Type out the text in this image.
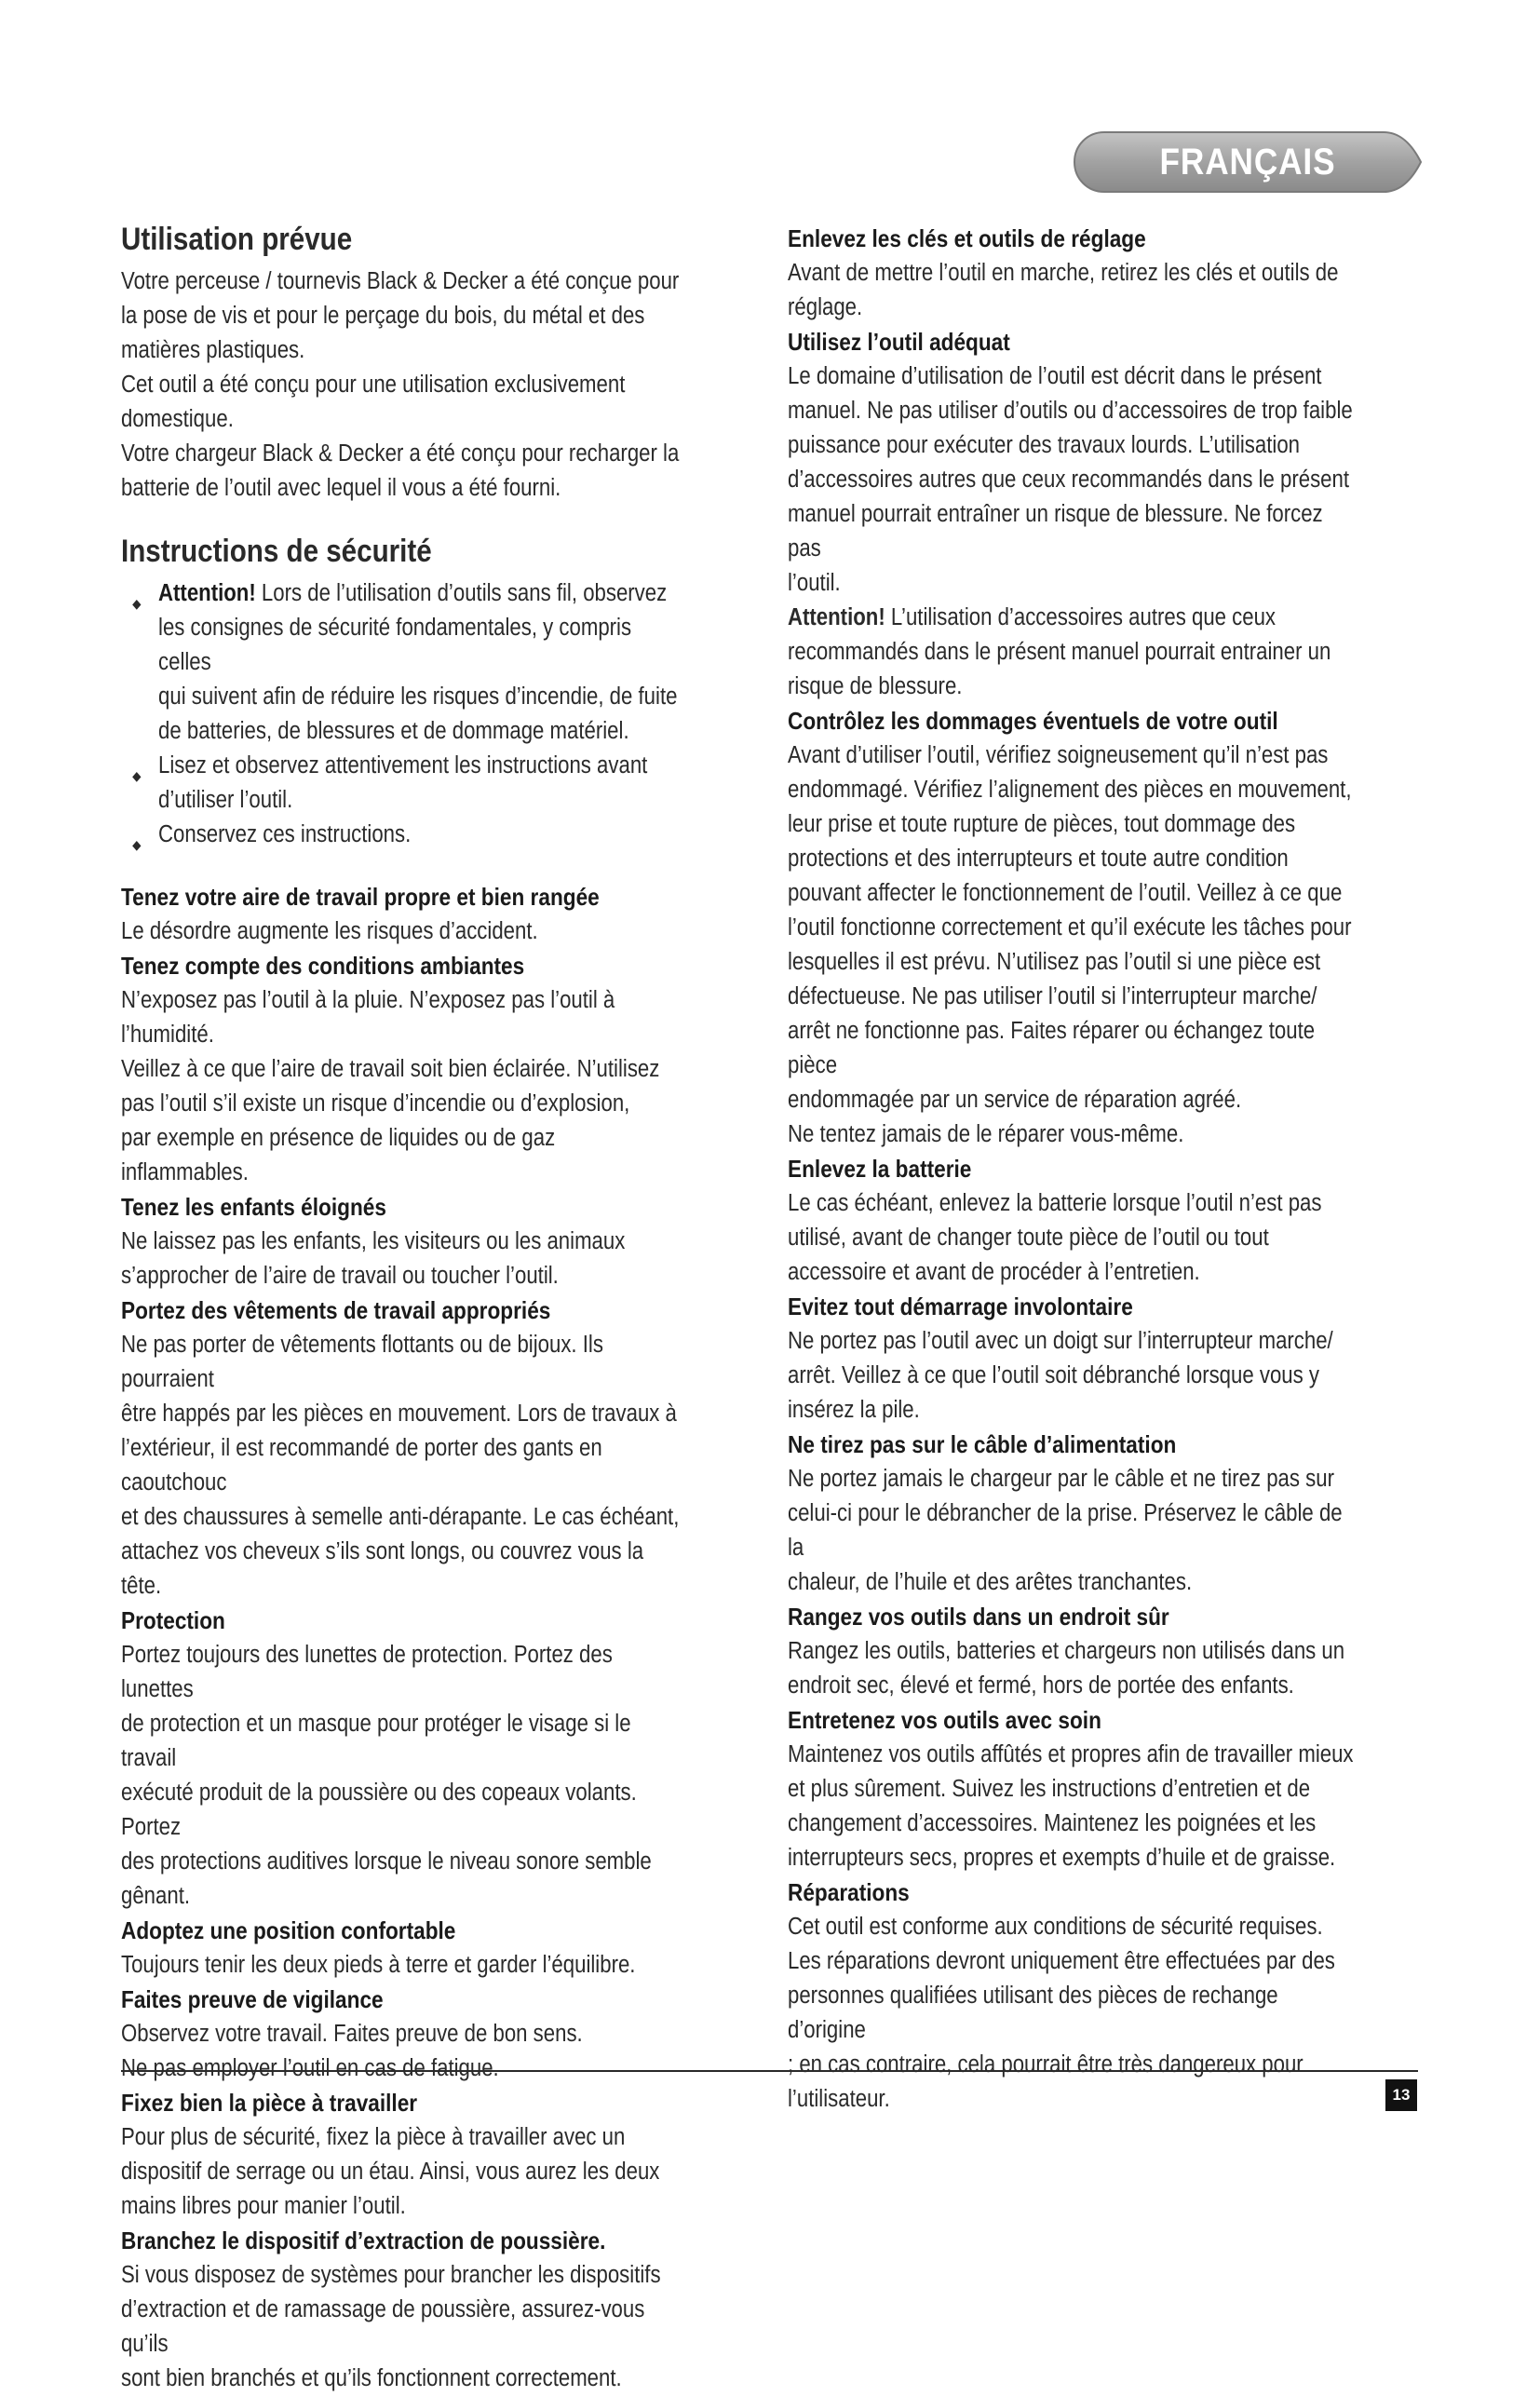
FRANÇAIS
Utilisation prévue

Votre perceuse / tournevis Black & Decker a été conçue pour

la pose de vis et pour le perçage du bois, du métal et des

matières plastiques.

Cet outil a été conçu pour une utilisation exclusivement

domestique.

Votre chargeur Black & Decker a été conçu pour recharger la

batterie de l’outil avec lequel il vous a été fourni.

Instructions de sécurité
◆ Attention! Lors de l’utilisation d’outils sans fil, observez
les consignes de sécurité fondamentales, y compris celles
qui suivent afin de réduire les risques d’incendie, de fuite
de batteries, de blessures et de dommage matériel.
◆ Lisez et observez attentivement les instructions avant
d’utiliser l’outil.
◆ Conservez ces instructions.

Tenez votre aire de travail propre et bien rangée

Le désordre augmente les risques d’accident.

Tenez compte des conditions ambiantes

N’exposez pas l’outil à la pluie. N’exposez pas l’outil à l’humidité.

Veillez à ce que l’aire de travail soit bien éclairée. N’utilisez

pas l’outil s’il existe un risque d’incendie ou d’explosion,

par exemple en présence de liquides ou de gaz inflammables.

Tenez les enfants éloignés

Ne laissez pas les enfants, les visiteurs ou les animaux

s’approcher de l’aire de travail ou toucher l’outil.

Portez des vêtements de travail appropriés

Ne pas porter de vêtements flottants ou de bijoux. Ils pourraient

être happés par les pièces en mouvement. Lors de travaux à

l’extérieur, il est recommandé de porter des gants en caoutchouc

et des chaussures à semelle anti-dérapante. Le cas échéant,

attachez vos cheveux s’ils sont longs, ou couvrez vous la tête.

Protection

Portez toujours des lunettes de protection. Portez des lunettes

de protection et un masque pour protéger le visage si le travail

exécuté produit de la poussière ou des copeaux volants. Portez

des protections auditives lorsque le niveau sonore semble gênant.

Adoptez une position confortable

Toujours tenir les deux pieds à terre et garder l’équilibre.

Faites preuve de vigilance

Observez votre travail. Faites preuve de bon sens.

Ne pas employer l’outil en cas de fatigue.

Fixez bien la pièce à travailler

Pour plus de sécurité, fixez la pièce à travailler avec un

dispositif de serrage ou un étau. Ainsi, vous aurez les deux

mains libres pour manier l’outil.

Branchez le dispositif d’extraction de poussière.

Si vous disposez de systèmes pour brancher les dispositifs

d’extraction et de ramassage de poussière, assurez-vous qu’ils

sont bien branchés et qu’ils fonctionnent correctement.

Enlevez les clés et outils de réglage

Avant de mettre l’outil en marche, retirez les clés et outils de

réglage.

Utilisez l’outil adéquat

Le domaine d’utilisation de l’outil est décrit dans le présent

manuel. Ne pas utiliser d’outils ou d’accessoires de trop faible

puissance pour exécuter des travaux lourds. L’utilisation

d’accessoires autres que ceux recommandés dans le présent

manuel pourrait entraîner un risque de blessure. Ne forcez pas

l’outil.

Attention! L’utilisation d’accessoires autres que ceux

recommandés dans le présent manuel pourrait entrainer un

risque de blessure.

Contrôlez les dommages éventuels de votre outil

Avant d’utiliser l’outil, vérifiez soigneusement qu’il n’est pas

endommagé. Vérifiez l’alignement des pièces en mouvement,

leur prise et toute rupture de pièces, tout dommage des

protections et des interrupteurs et toute autre condition

pouvant affecter le fonctionnement de l’outil. Veillez à ce que

l’outil fonctionne correctement et qu’il exécute les tâches pour

lesquelles il est prévu. N’utilisez pas l’outil si une pièce est

défectueuse. Ne pas utiliser l’outil si l’interrupteur marche/

arrêt ne fonctionne pas. Faites réparer ou échangez toute pièce

endommagée par un service de réparation agréé.

Ne tentez jamais de le réparer vous-même.

Enlevez la batterie

Le cas échéant, enlevez la batterie lorsque l’outil n’est pas

utilisé, avant de changer toute pièce de l’outil ou tout

accessoire et avant de procéder à l’entretien.

Evitez tout démarrage involontaire

Ne portez pas l’outil avec un doigt sur l’interrupteur marche/

arrêt. Veillez à ce que l’outil soit débranché lorsque vous y

insérez la pile.

Ne tirez pas sur le câble d’alimentation

Ne portez jamais le chargeur par le câble et ne tirez pas sur

celui-ci pour le débrancher de la prise. Préservez le câble de la

chaleur, de l’huile et des arêtes tranchantes.

Rangez vos outils dans un endroit sûr

Rangez les outils, batteries et chargeurs non utilisés dans un

endroit sec, élevé et fermé, hors de portée des enfants.

Entretenez vos outils avec soin

Maintenez vos outils affûtés et propres afin de travailler mieux

et plus sûrement. Suivez les instructions d’entretien et de

changement d’accessoires. Maintenez les poignées et les

interrupteurs secs, propres et exempts d’huile et de graisse.

Réparations

Cet outil est conforme aux conditions de sécurité requises.

Les réparations devront uniquement être effectuées par des

personnes qualifiées utilisant des pièces de rechange d’origine

; en cas contraire, cela pourrait être très dangereux pour

l’utilisateur.	13
